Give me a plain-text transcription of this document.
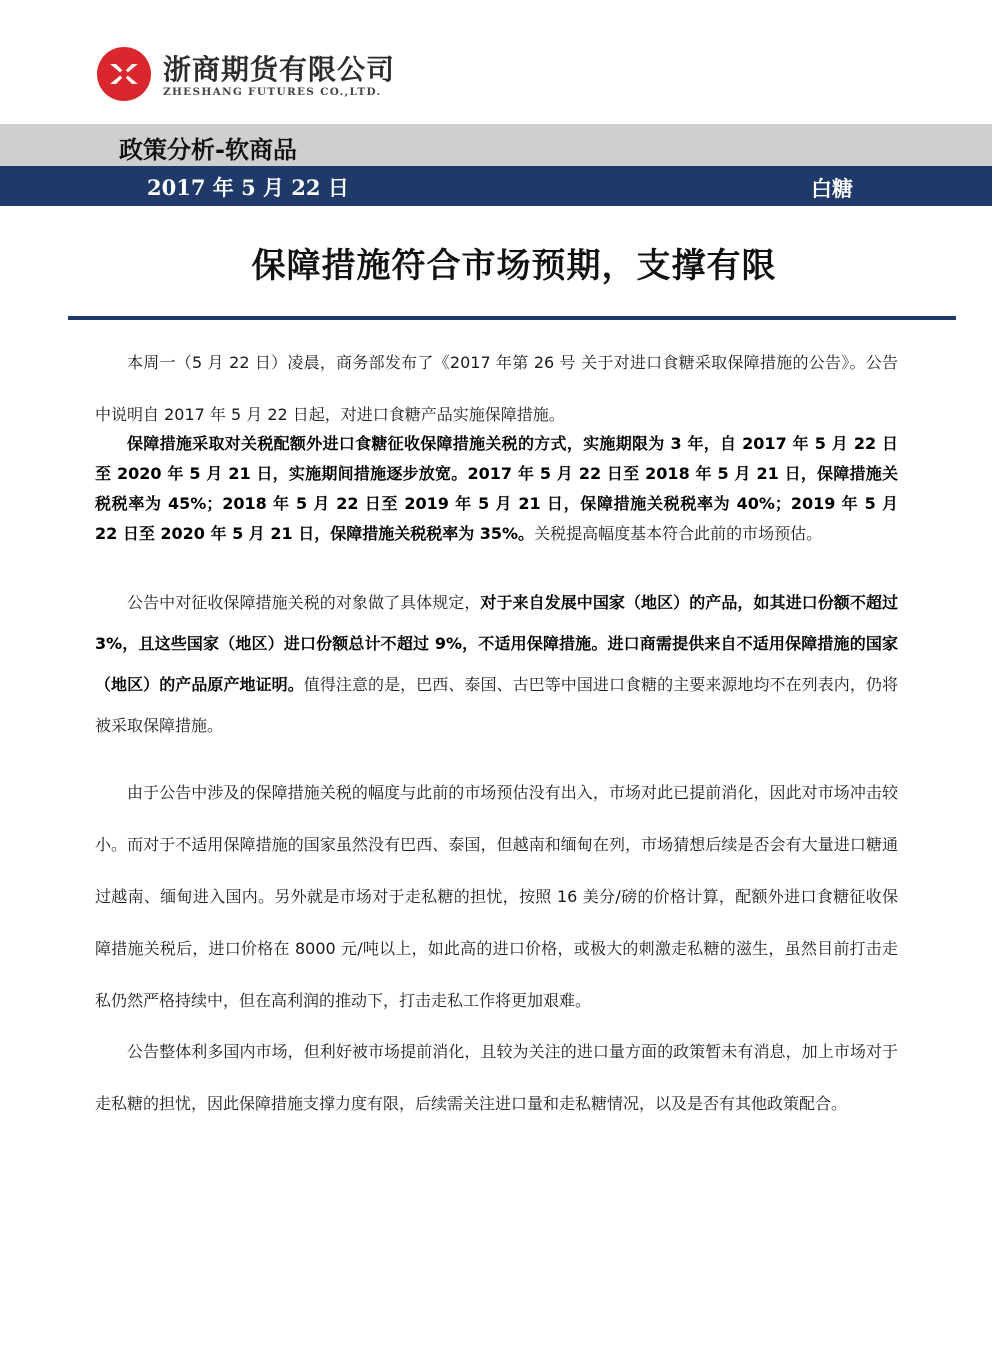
浙商期货有限公司
ZHESHANG FUTURES CO.,LTD.
政策分析-软商品
2017 年 5 月 22 日	白糖
保障措施符合市场预期，支撑有限

本周一（5 月 22 日）凌晨，商务部发布了《2017 年第 26 号 关于对进口食糖采取保障措施的公告》。公告中说明自 2017 年 5 月 22 日起，对进口食糖产品实施保障措施。

保障措施采取对关税配额外进口食糖征收保障措施关税的方式，实施期限为 3 年，自 2017 年 5 月 22 日至 2020 年 5 月 21 日，实施期间措施逐步放宽。2017 年 5 月 22 日至 2018 年 5 月 21 日，保障措施关税税率为 45%；2018 年 5 月 22 日至 2019 年 5 月 21 日，保障措施关税税率为 40%；2019 年 5 月 22 日至 2020 年 5 月 21 日，保障措施关税税率为 35%。关税提高幅度基本符合此前的市场预估。

公告中对征收保障措施关税的对象做了具体规定，对于来自发展中国家（地区）的产品，如其进口份额不超过 3%，且这些国家（地区）进口份额总计不超过 9%，不适用保障措施。进口商需提供来自不适用保障措施的国家（地区）的产品原产地证明。值得注意的是，巴西、泰国、古巴等中国进口食糖的主要来源地均不在列表内，仍将被采取保障措施。

由于公告中涉及的保障措施关税的幅度与此前的市场预估没有出入，市场对此已提前消化，因此对市场冲击较小。而对于不适用保障措施的国家虽然没有巴西、泰国，但越南和缅甸在列，市场猜想后续是否会有大量进口糖通过越南、缅甸进入国内。另外就是市场对于走私糖的担忧，按照 16 美分/磅的价格计算，配额外进口食糖征收保障措施关税后，进口价格在 8000 元/吨以上，如此高的进口价格，或极大的刺激走私糖的滋生，虽然目前打击走私仍然严格持续中，但在高利润的推动下，打击走私工作将更加艰难。

公告整体利多国内市场，但利好被市场提前消化，且较为关注的进口量方面的政策暂未有消息，加上市场对于走私糖的担忧，因此保障措施支撑力度有限，后续需关注进口量和走私糖情况，以及是否有其他政策配合。
